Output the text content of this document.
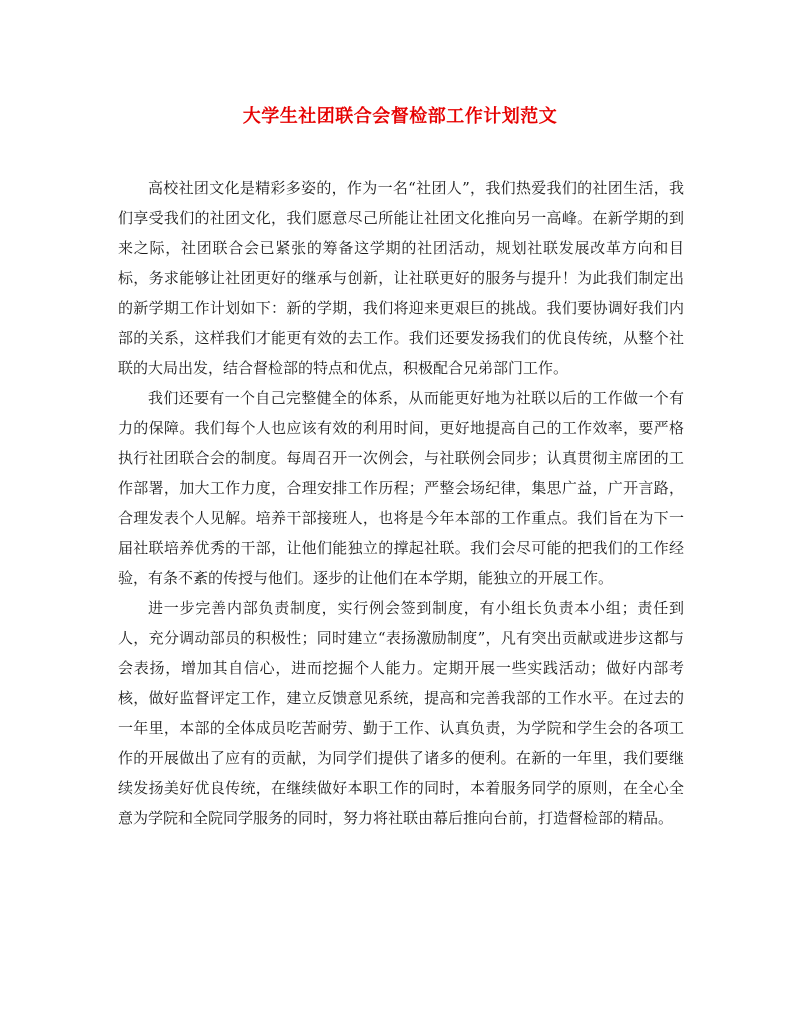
大学生社团联合会督检部工作计划范文

高校社团文化是精彩多姿的，作为一名“社团人”，我们热爱我们的社团生活，我们享受我们的社团文化，我们愿意尽己所能让社团文化推向另一高峰。在新学期的到来之际，社团联合会已紧张的筹备这学期的社团活动，规划社联发展改革方向和目标，务求能够让社团更好的继承与创新，让社联更好的服务与提升！为此我们制定出的新学期工作计划如下：新的学期，我们将迎来更艰巨的挑战。我们要协调好我们内部的关系，这样我们才能更有效的去工作。我们还要发扬我们的优良传统，从整个社联的大局出发，结合督检部的特点和优点，积极配合兄弟部门工作。

我们还要有一个自己完整健全的体系，从而能更好地为社联以后的工作做一个有力的保障。我们每个人也应该有效的利用时间，更好地提高自己的工作效率，要严格执行社团联合会的制度。每周召开一次例会，与社联例会同步；认真贯彻主席团的工作部署，加大工作力度，合理安排工作历程；严整会场纪律，集思广益，广开言路，合理发表个人见解。培养干部接班人，也将是今年本部的工作重点。我们旨在为下一届社联培养优秀的干部，让他们能独立的撑起社联。我们会尽可能的把我们的工作经验，有条不紊的传授与他们。逐步的让他们在本学期，能独立的开展工作。

进一步完善内部负责制度，实行例会签到制度，有小组长负责本小组；责任到人，充分调动部员的积极性；同时建立“表扬激励制度”，凡有突出贡献或进步这都与会表扬，增加其自信心，进而挖掘个人能力。定期开展一些实践活动；做好内部考核，做好监督评定工作，建立反馈意见系统，提高和完善我部的工作水平。在过去的一年里，本部的全体成员吃苦耐劳、勤于工作、认真负责，为学院和学生会的各项工作的开展做出了应有的贡献，为同学们提供了诸多的便利。在新的一年里，我们要继续发扬美好优良传统，在继续做好本职工作的同时，本着服务同学的原则，在全心全意为学院和全院同学服务的同时，努力将社联由幕后推向台前，打造督检部的精品。
